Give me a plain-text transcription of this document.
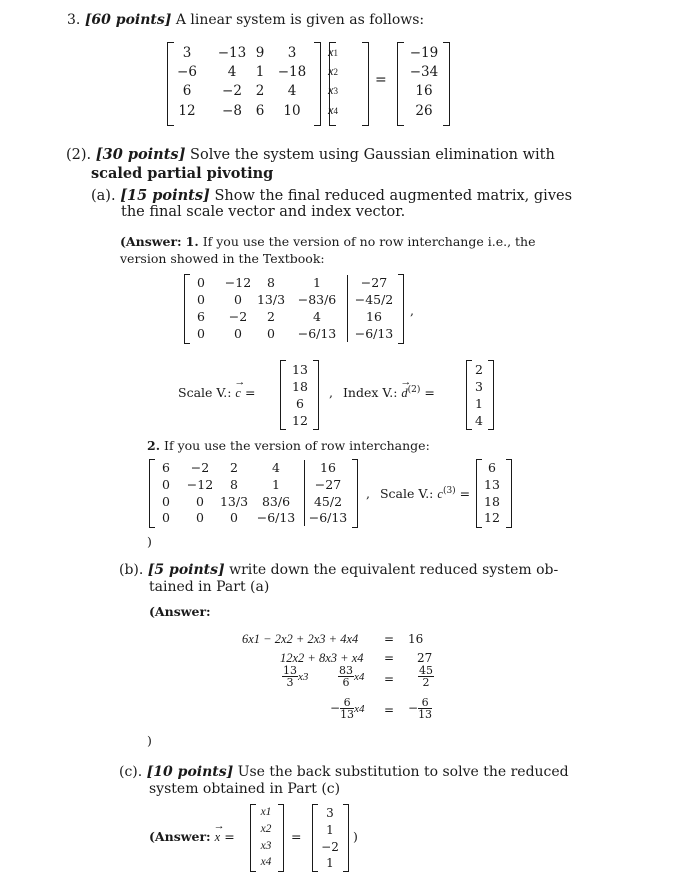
3. [60 points] A linear system is given as follows:
3	−13 9	3
−6	4	1 −18
6	−2	2	4
12	−8	6	10
x1
x2
x3
x4
=
−19
−34
16
26
(2). [30 points] Solve the system using Gaussian elimination with
scaled partial pivoting
(a). [15 points] Show the final reduced augmented matrix, gives
the final scale vector and index vector.
(Answer: 1. If you use the version of no row interchange i.e., the
version showed in the Textbook:
0	−12	8	1	−27
0	0	13/3	−83/6	−45/2
6	−2	2	4	16
0	0	0	−6/13	−6/13
,
Scale V.:
→
c =
13
18
6
12
, Index V.:
→
$d^{(2)}$ =
2
3
1
4
2. If you use the version of row interchange:
6	−2	2	4	16
0	−12	8	1	−27
0	0	13/3	83/6	45/2
0	0	0	−6/13	−6/13
, Scale V.: $c^{(3)}$ =
6
13
18
12
)
(b). [5 points] write down the equivalent reduced system ob-
tained in Part (a)
(Answer:
6x1 − 2x2 + 2x3 + 4x4 = 16
12x2 + 8x3 + x4 = 27
$\frac{13}{3} x3$	$\frac{83}{6} x4 = \frac{45}{2}$
− $\frac{6}{13} x4$ = − $\frac{6}{13}$
)
(c). [10 points] Use the back substitution to solve the reduced
system obtained in Part (c)
(Answer:
→
x =
x1
x2
x3
x4
=
3
1
−2
1
)
